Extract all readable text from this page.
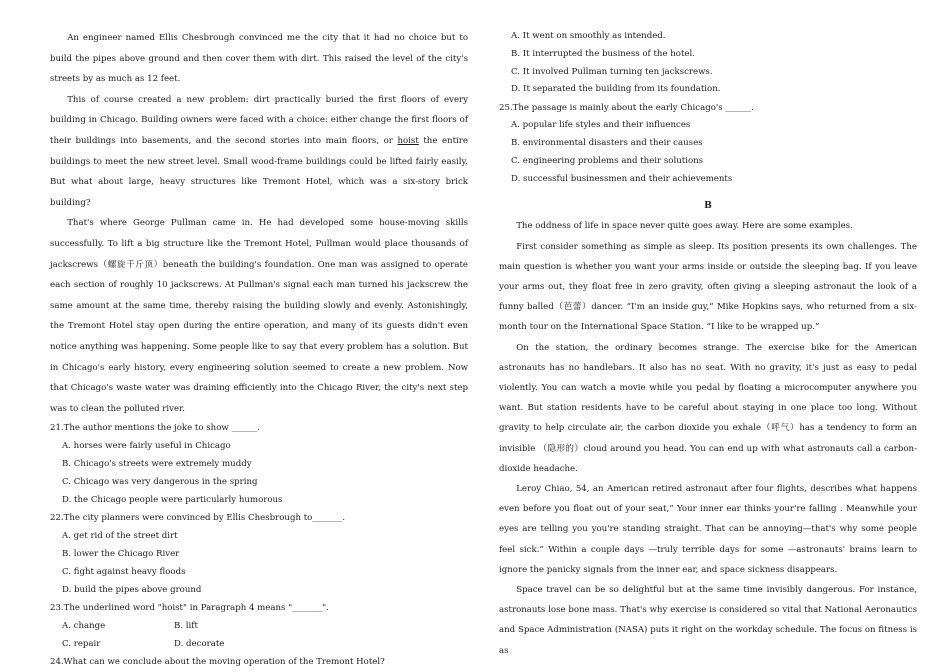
An engineer named Ellis Chesbrough convinced me the city that it had no choice but to build the pipes above ground and then cover them with dirt. This raised the level of the city's streets by as much as 12 feet.

This of course created a new problem: dirt practically buried the first floors of every building in Chicago. Building owners were faced with a choice: either change the first floors of their buildings into basements, and the second stories into main floors, or hoist the entire buildings to meet the new street level. Small wood-frame buildings could be lifted fairly easily. But what about large, heavy structures like Tremont Hotel, which was a six-story brick building?

That's where George Pullman came in. He had developed some house-moving skills successfully. To lift a big structure like the Tremont Hotel, Pullman would place thousands of jackscrews（螺旋千斤顶）beneath the building's foundation. One man was assigned to operate each section of roughly 10 jackscrews. At Pullman's signal each man turned his jackscrew the same amount at the same time, thereby raising the building slowly and evenly. Astonishingly, the Tremont Hotel stay open during the entire operation, and many of its guests didn't even notice anything was happening. Some people like to say that every problem has a solution. But in Chicago's early history, every engineering solution seemed to create a new problem. Now that Chicago's waste water was draining efficiently into the Chicago River, the city's next step was to clean the polluted river.

21.The author mentions the joke to show ______.

A. horses were fairly useful in Chicago

B. Chicago's streets were extremely muddy

C. Chicago was very dangerous in the spring

D. the Chicago people were particularly humorous

22.The city planners were convinced by Ellis Chesbrough to_______.

A. get rid of the street dirt

B. lower the Chicago River

C. fight against heavy floods

D. build the pipes above ground

23.The underlined word "hoist" in Paragraph 4 means "_______".

A. change	B. lift
C. repair	D. decorate

24.What can we conclude about the moving operation of the Tremont Hotel?

A. It went on smoothly as intended.

B. It interrupted the business of the hotel.

C. It involved Pullman turning ten jackscrews.

D. It separated the building from its foundation.

25.The passage is mainly about the early Chicago's ______.

A. popular life styles and their influences

B. environmental disasters and their causes

C. engineering problems and their solutions

D. successful businessmen and their achievements

B

The oddness of life in space never quite goes away. Here are some examples.

First consider something as simple as sleep. Its position presents its own challenges. The main question is whether you want your arms inside or outside the sleeping bag. If you leave your arms out, they float free in zero gravity, often giving a sleeping astronaut the look of a funny balled（芭蕾）dancer. “I'm an inside guy,” Mike Hopkins says, who returned from a six-month tour on the International Space Station. “I like to be wrapped up.”

On the station, the ordinary becomes strange. The exercise bike for the American astronauts has no handlebars. It also has no seat. With no gravity, it's just as easy to pedal violently. You can watch a movie while you pedal by floating a microcomputer anywhere you want. But station residents have to be careful about staying in one place too long. Without gravity to help circulate air, the carbon dioxide you exhale（呼气）has a tendency to form an invisible （隐形的）cloud around you head. You can end up with what astronauts call a carbon-dioxide headache.

Leroy Chiao, 54, an American retired astronaut after four flights, describes what happens even before you float out of your seat,” Your inner ear thinks your're falling . Meanwhile your eyes are telling you you're standing straight. That can be annoying—that's why some people feel sick.” Within a couple days —truly terrible days for some —astronauts' brains learn to ignore the panicky signals from the inner ear, and space sickness disappears.

Space travel can be so delightful but at the same time invisibly dangerous. For instance, astronauts lose bone mass. That's why exercise is considered so vital that National Aeronautics and Space Administration (NASA) puts it right on the workday schedule. The focus on fitness is as
